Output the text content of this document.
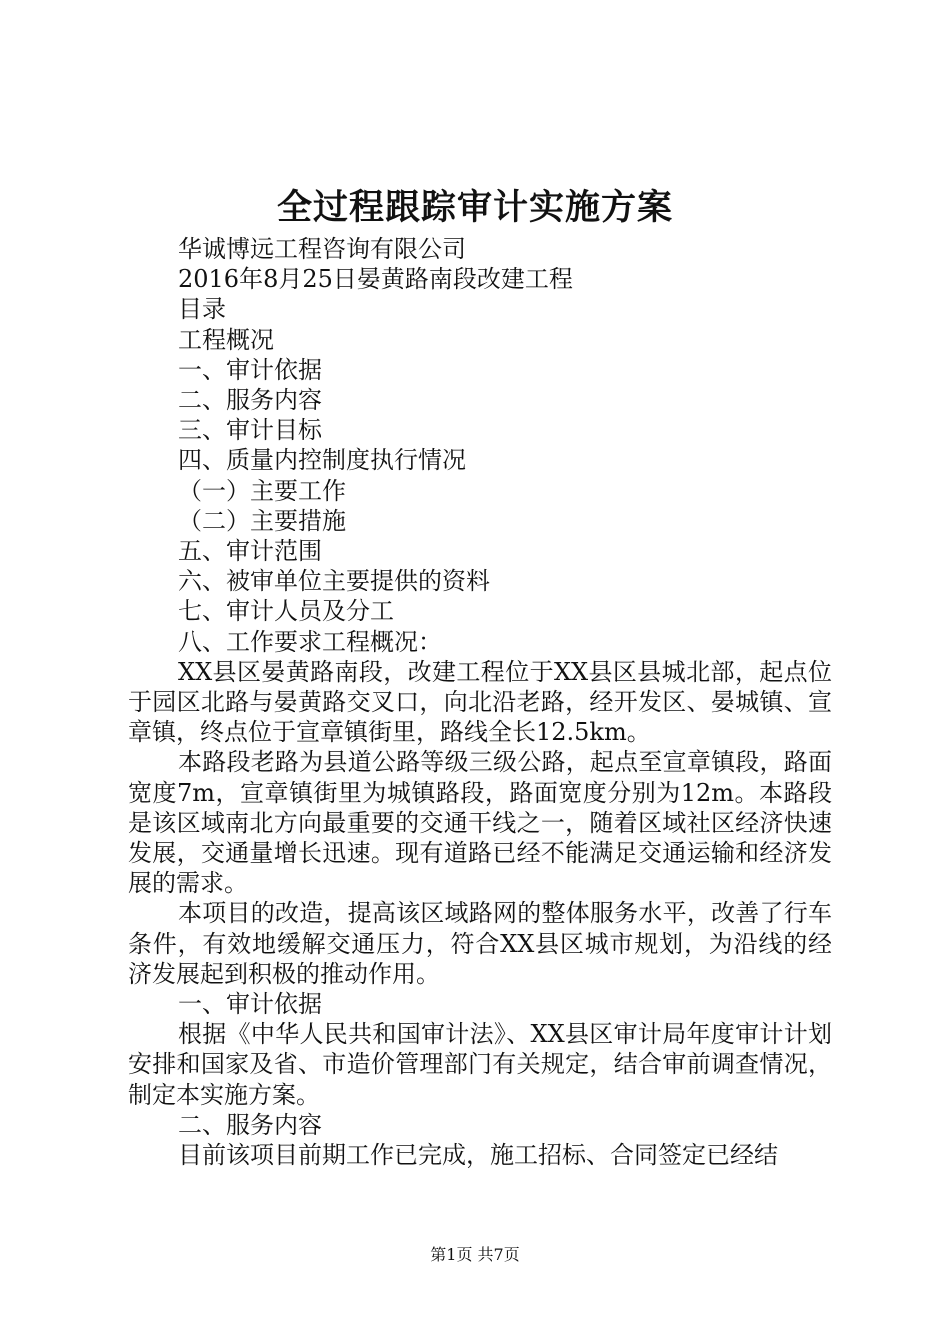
全过程跟踪审计实施方案

华诚博远工程咨询有限公司

2016年8月25日晏黄路南段改建工程

目录

工程概况

一、审计依据

二、服务内容

三、审计目标

四、质量内控制度执行情况

（一）主要工作

（二）主要措施

五、审计范围

六、被审单位主要提供的资料

七、审计人员及分工

八、工作要求工程概况：

XX县区晏黄路南段，改建工程位于XX县区县城北部，起点位于园区北路与晏黄路交叉口，向北沿老路，经开发区、晏城镇、宣章镇，终点位于宣章镇街里，路线全长12.5km。

本路段老路为县道公路等级三级公路，起点至宣章镇段，路面宽度7m，宣章镇街里为城镇路段，路面宽度分别为12m。本路段是该区域南北方向最重要的交通干线之一，随着区域社区经济快速发展，交通量增长迅速。现有道路已经不能满足交通运输和经济发展的需求。

本项目的改造，提高该区域路网的整体服务水平，改善了行车条件，有效地缓解交通压力，符合XX县区城市规划，为沿线的经济发展起到积极的推动作用。

一、审计依据

根据《中华人民共和国审计法》、XX县区审计局年度审计计划安排和国家及省、市造价管理部门有关规定，结合审前调查情况，制定本实施方案。

二、服务内容

目前该项目前期工作已完成，施工招标、合同签定已经结

第1页 共7页
